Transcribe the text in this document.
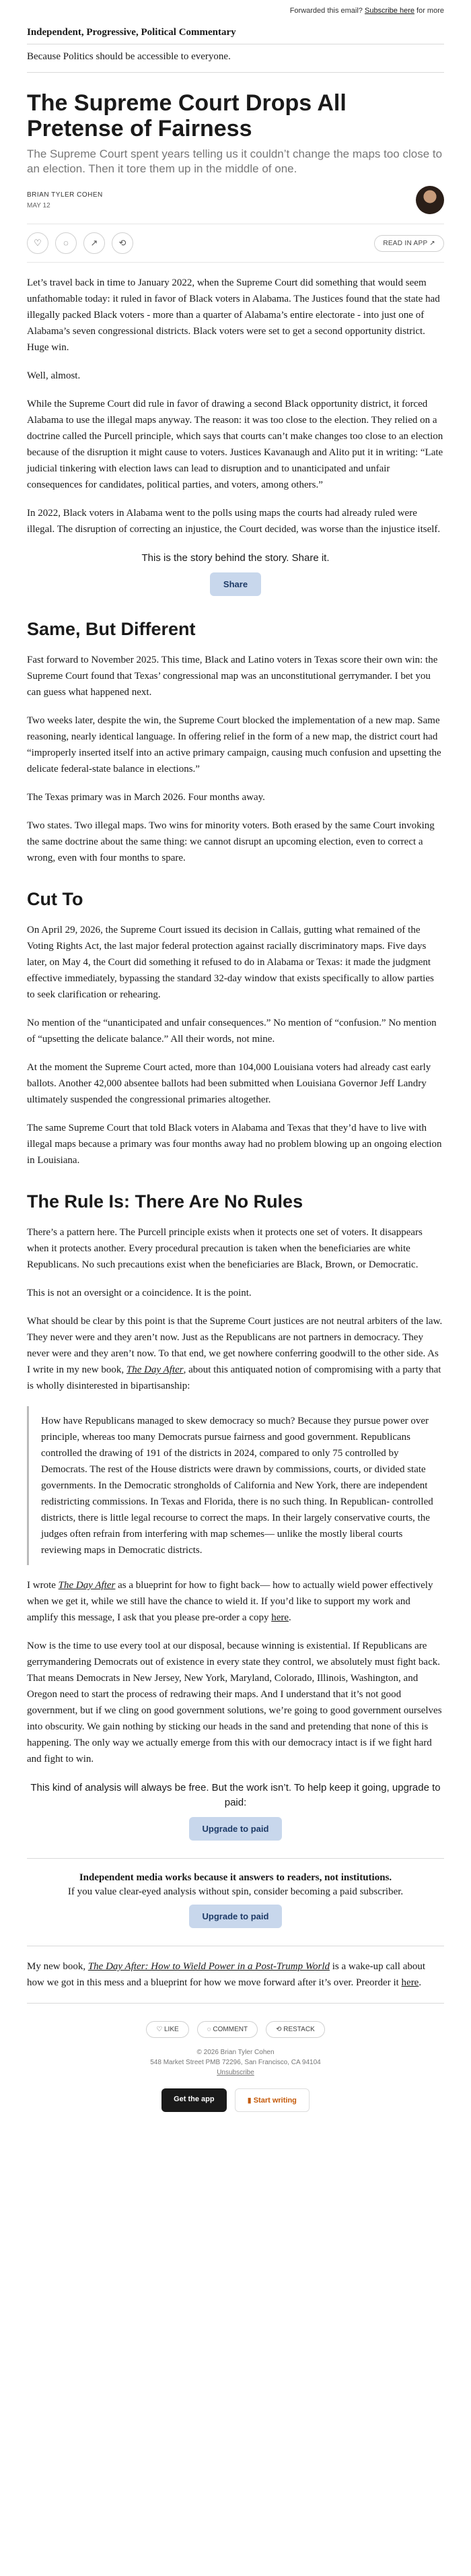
Forwarded this email? Subscribe here for more
Independent, Progressive, Political Commentary
Because Politics should be accessible to everyone.
The Supreme Court Drops All Pretense of Fairness
The Supreme Court spent years telling us it couldn’t change the maps too close to an election. Then it tore them up in the middle of one.
BRIAN TYLER COHEN
MAY 12
♡	◌	↗	⟲	READ IN APP ↗

Let’s travel back in time to January 2022, when the Supreme Court did something that would seem unfathomable today: it ruled in favor of Black voters in Alabama. The Justices found that the state had illegally packed Black voters - more than a quarter of Alabama’s entire electorate - into just one of Alabama’s seven congressional districts. Black voters were set to get a second opportunity district. Huge win.

Well, almost.

While the Supreme Court did rule in favor of drawing a second Black opportunity district, it forced Alabama to use the illegal maps anyway. The reason: it was too close to the election. They relied on a doctrine called the Purcell principle, which says that courts can’t make changes too close to an election because of the disruption it might cause to voters. Justices Kavanaugh and Alito put it in writing: “Late judicial tinkering with election laws can lead to disruption and to unanticipated and unfair consequences for candidates, political parties, and voters, among others.”

In 2022, Black voters in Alabama went to the polls using maps the courts had already ruled were illegal. The disruption of correcting an injustice, the Court decided, was worse than the injustice itself.

This is the story behind the story. Share it.
Share
Same, But Different

Fast forward to November 2025. This time, Black and Latino voters in Texas score their own win: the Supreme Court found that Texas’ congressional map was an unconstitutional gerrymander. I bet you can guess what happened next.

Two weeks later, despite the win, the Supreme Court blocked the implementation of a new map. Same reasoning, nearly identical language. In offering relief in the form of a new map, the district court had “improperly inserted itself into an active primary campaign, causing much confusion and upsetting the delicate federal-state balance in elections.”

The Texas primary was in March 2026. Four months away.

Two states. Two illegal maps. Two wins for minority voters. Both erased by the same Court invoking the same doctrine about the same thing: we cannot disrupt an upcoming election, even to correct a wrong, even with four months to spare.

Cut To

On April 29, 2026, the Supreme Court issued its decision in Callais, gutting what remained of the Voting Rights Act, the last major federal protection against racially discriminatory maps. Five days later, on May 4, the Court did something it refused to do in Alabama or Texas: it made the judgment effective immediately, bypassing the standard 32-day window that exists specifically to allow parties to seek clarification or rehearing.

No mention of the “unanticipated and unfair consequences.” No mention of “confusion.” No mention of “upsetting the delicate balance.” All their words, not mine.

At the moment the Supreme Court acted, more than 104,000 Louisiana voters had already cast early ballots. Another 42,000 absentee ballots had been submitted when Louisiana Governor Jeff Landry ultimately suspended the congressional primaries altogether.

The same Supreme Court that told Black voters in Alabama and Texas that they’d have to live with illegal maps because a primary was four months away had no problem blowing up an ongoing election in Louisiana.

The Rule Is: There Are No Rules

There’s a pattern here. The Purcell principle exists when it protects one set of voters. It disappears when it protects another. Every procedural precaution is taken when the beneficiaries are white Republicans. No such precautions exist when the beneficiaries are Black, Brown, or Democratic.

This is not an oversight or a coincidence. It is the point.

What should be clear by this point is that the Supreme Court justices are not neutral arbiters of the law. They never were and they aren’t now. Just as the Republicans are not partners in democracy. They never were and they aren’t now. To that end, we get nowhere conferring goodwill to the other side. As I write in my new book, The Day After, about this antiquated notion of compromising with a party that is wholly disinterested in bipartisanship:

How have Republicans managed to skew democracy so much? Because they pursue power over principle, whereas too many Democrats pursue fairness and good government. Republicans controlled the drawing of 191 of the districts in 2024, compared to only 75 controlled by Democrats. The rest of the House districts were drawn by commissions, courts, or divided state governments. In the Democratic strongholds of California and New York, there are independent redistricting commissions. In Texas and Florida, there is no such thing. In Republican- controlled districts, there is little legal recourse to correct the maps. In their largely conservative courts, the judges often refrain from interfering with map schemes— unlike the mostly liberal courts reviewing maps in Democratic districts.

I wrote The Day After as a blueprint for how to fight back— how to actually wield power effectively when we get it, while we still have the chance to wield it. If you’d like to support my work and amplify this message, I ask that you please pre-order a copy here.

Now is the time to use every tool at our disposal, because winning is existential. If Republicans are gerrymandering Democrats out of existence in every state they control, we absolutely must fight back. That means Democrats in New Jersey, New York, Maryland, Colorado, Illinois, Washington, and Oregon need to start the process of redrawing their maps. And I understand that it’s not good government, but if we cling on good government solutions, we’re going to good government ourselves into obscurity. We gain nothing by sticking our heads in the sand and pretending that none of this is happening. The only way we actually emerge from this with our democracy intact is if we fight hard and fight to win.

This kind of analysis will always be free. But the work isn’t. To help keep it going, upgrade to paid:
Upgrade to paid
Independent media works because it answers to readers, not institutions.
If you value clear-eyed analysis without spin, consider becoming a paid subscriber.
Upgrade to paid

My new book, The Day After: How to Wield Power in a Post-Trump World is a wake-up call about how we got in this mess and a blueprint for how we move forward after it’s over. Preorder it here.

♡ LIKE	◌ COMMENT	⟲ RESTACK
© 2026 Brian Tyler Cohen
548 Market Street PMB 72296, San Francisco, CA 94104
Unsubscribe
Get the app	▮ Start writing
